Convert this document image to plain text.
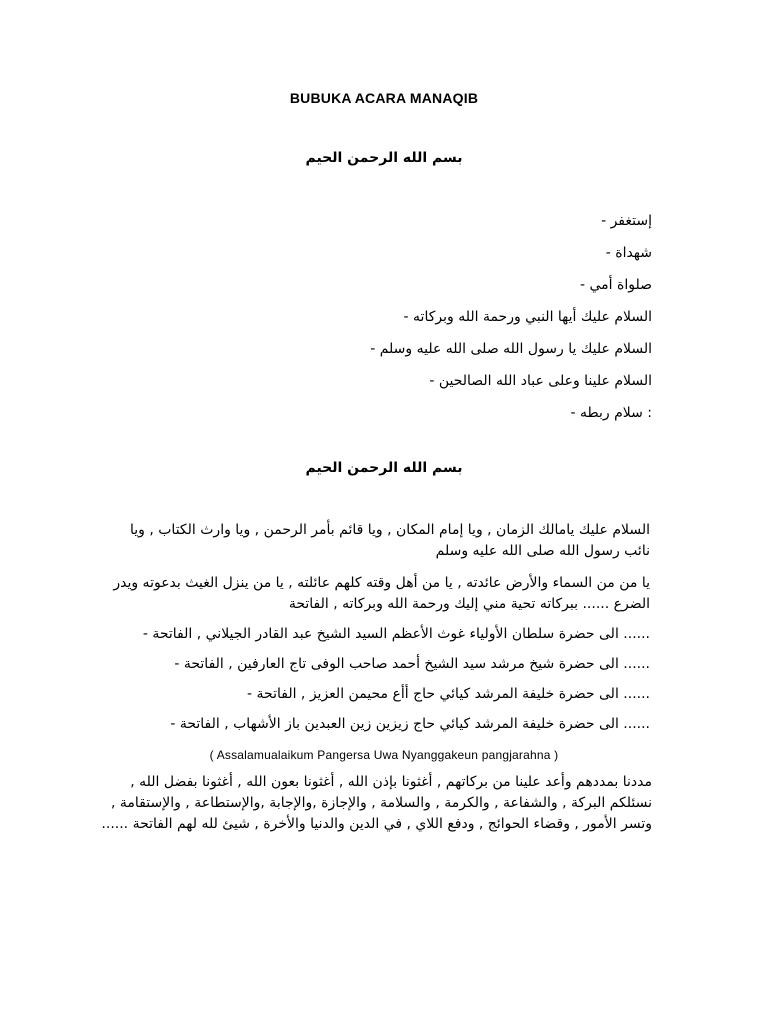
BUBUKA ACARA MANAQIB
بسم الله الرحمن الحيم
إستغفر -
شهداة -
صلواة أمي -
السلام عليك أيها النبي ورحمة الله وبركاته -
السلام عليك يا رسول الله صلى الله عليه وسلم -
السلام علينا وعلى عباد الله الصالحين -
: سلام ربطه -
بسم الله الرحمن الحيم
السلام عليك يامالك الزمان , ويا إمام المكان , ويا قائم بأمر الرحمن , ويا وارث الكتاب , ويا نائب رسول الله صلى الله عليه وسلم
يا من من السماء والأرض عائدته , يا من أهل وقته كلهم عائلته , يا من ينزل الغيث بدعوته ويدر الضرع ...... ببركاته تحية مني إليك ورحمة الله وبركاته , الفاتحة
...... الى حضرة سلطان الأولياء غوث الأعظم السيد الشيخ عبد القادر الجيلاني , الفاتحة -
...... الى حضرة شيخ مرشد سيد الشيخ أحمد صاحب الوفى تاج العارفين , الفاتحة -
...... الى حضرة خليفة المرشد كيائي حاج أأع محيمن العزيز , الفاتحة -
...... الى حضرة خليفة المرشد كيائي حاج زيزين زين العبدين باز الأشهاب , الفاتحة -
( Assalamualaikum Pangersa Uwa Nyanggakeun pangjarahna )
مددنا بمددهم وأعد علينا من بركاتهم , أغثونا بإذن الله , أغثونا بعون الله , أغثونا بفضل الله , نسئلكم البركة , والشفاعة , والكرمة , والسلامة , والإجازة ,والإجابة ,والإستطاعة , والإستقامة , وتسر الأمور , وقضاء الحوائج , ودفع اللاي , في الدين والدنيا والأخرة , شيئ لله لهم الفاتحة ......
